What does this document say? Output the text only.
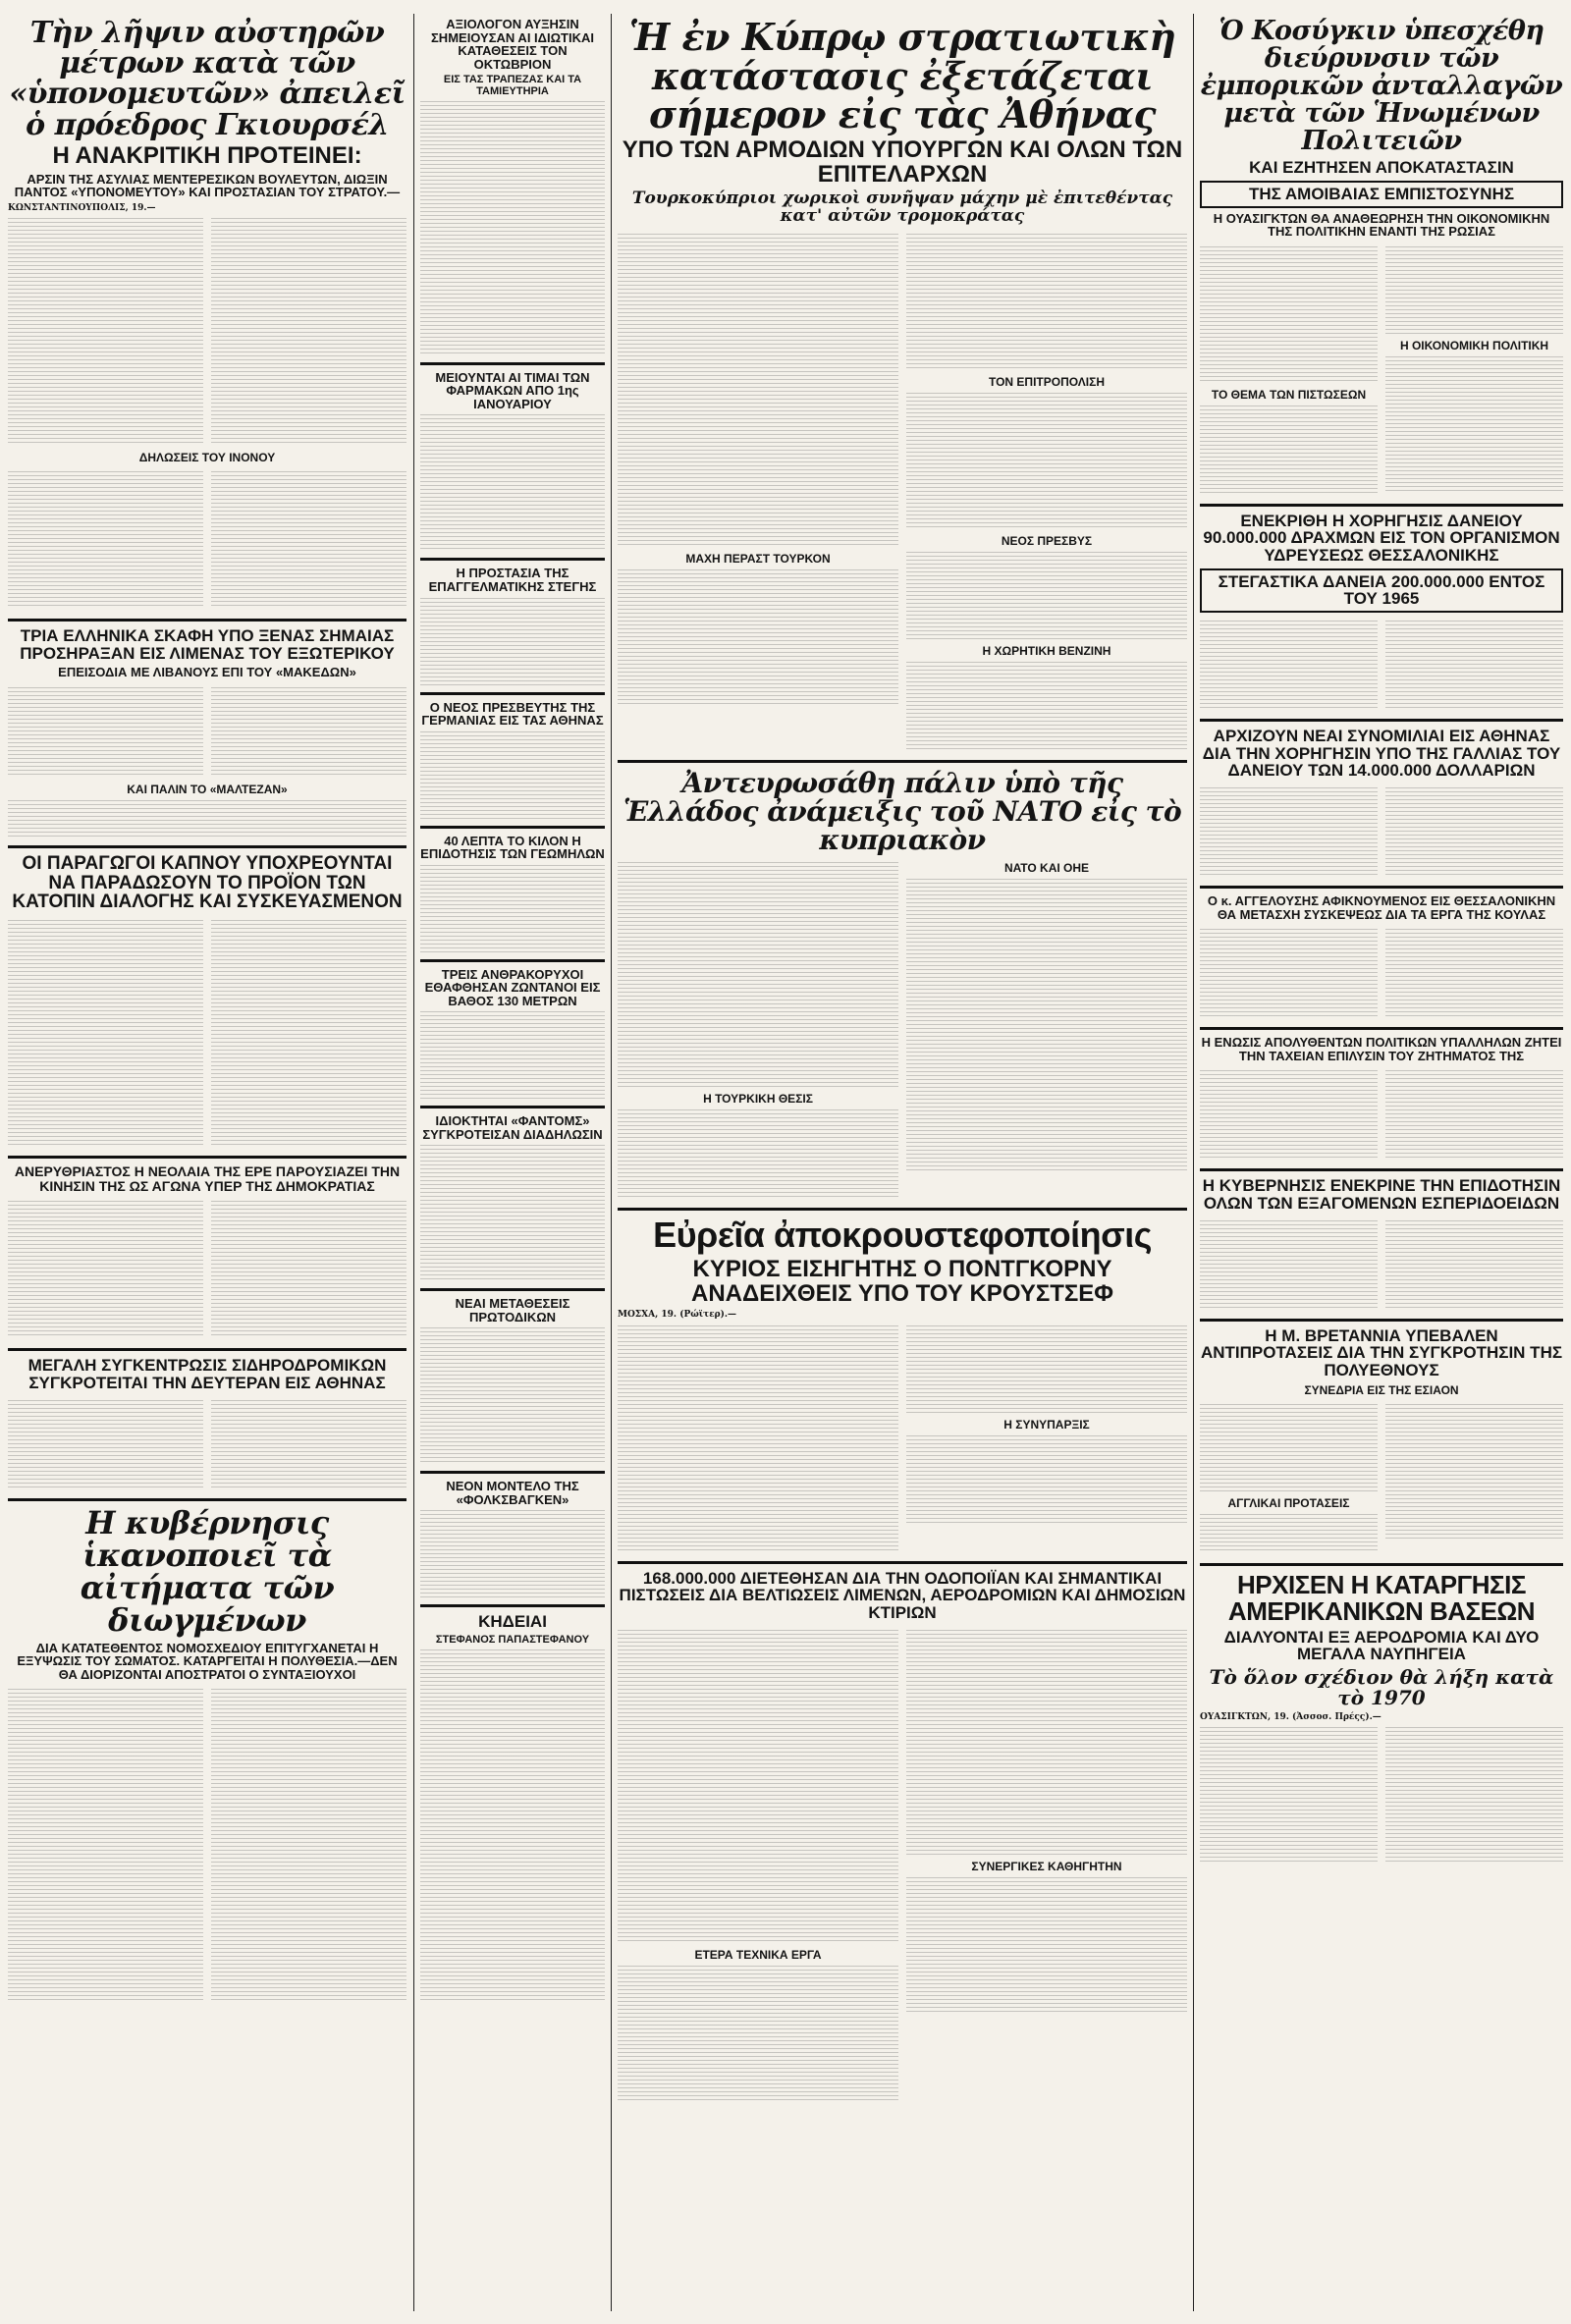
Τὴν λῆψιν αὐστηρῶν μέτρων κατὰ τῶν «ὑπονομευτῶν» ἀπειλεῖ ὁ πρόεδρος Γκιουρσέλ
Η ΑΝΑΚΡΙΤΙΚΗ ΠΡΟΤΕΙΝΕΙ:
ΑΡΣΙΝ ΤΗΣ ΑΣΥΛΙΑΣ ΜΕΝΤΕΡΕΣΙΚΩΝ ΒΟΥΛΕΥΤΩΝ, ΔΙΩΞΙΝ ΠΑΝΤΟΣ «ΥΠΟΝΟΜΕΥΤΟΥ» ΚΑΙ ΠΡΟΣΤΑΣΙΑΝ ΤΟΥ ΣΤΡΑΤΟΥ.—

ΚΩΝΣΤΑΝΤΙΝΟΥΠΟΛΙΣ, 19.—

ΔΗΛΩΣΕΙΣ ΤΟΥ ΙΝΟΝΟΥ
ΤΡΙΑ ΕΛΛΗΝΙΚΑ ΣΚΑΦΗ ΥΠΟ ΞΕΝΑΣ ΣΗΜΑΙΑΣ ΠΡΟΣΗΡΑΞΑΝ ΕΙΣ ΛΙΜΕΝΑΣ ΤΟΥ ΕΞΩΤΕΡΙΚΟΥ
ΕΠΕΙΣΟΔΙΑ ΜΕ ΛΙΒΑΝΟΥΣ ΕΠΙ ΤΟΥ «ΜΑΚΕΔΩΝ»
ΚΑΙ ΠΑΛΙΝ ΤΟ «ΜΑΛΤΕΖΑΝ»
ΟΙ ΠΑΡΑΓΩΓΟΙ ΚΑΠΝΟΥ ΥΠΟΧΡΕΟΥΝΤΑΙ ΝΑ ΠΑΡΑΔΩΣΟΥΝ ΤΟ ΠΡΟΪΟΝ ΤΩΝ ΚΑΤΟΠΙΝ ΔΙΑΛΟΓΗΣ ΚΑΙ ΣΥΣΚΕΥΑΣΜΕΝΟΝ
ΑΝΕΡΥΘΡΙΑΣΤΟΣ Η ΝΕΟΛΑΙΑ ΤΗΣ ΕΡΕ ΠΑΡΟΥΣΙΑΖΕΙ ΤΗΝ ΚΙΝΗΣΙΝ ΤΗΣ ΩΣ ΑΓΩΝΑ ΥΠΕΡ ΤΗΣ ΔΗΜΟΚΡΑΤΙΑΣ
ΜΕΓΑΛΗ ΣΥΓΚΕΝΤΡΩΣΙΣ ΣΙΔΗΡΟΔΡΟΜΙΚΩΝ ΣΥΓΚΡΟΤΕΙΤΑΙ ΤΗΝ ΔΕΥΤΕΡΑΝ ΕΙΣ ΑΘΗΝΑΣ
Η κυβέρνησις ἱκανοποιεῖ τὰ αἰτήματα τῶν διωγμένων
ΔΙΑ ΚΑΤΑΤΕΘΕΝΤΟΣ ΝΟΜΟΣΧΕΔΙΟΥ ΕΠΙΤΥΓΧΑΝΕΤΑΙ Η ΕΞΥΨΩΣΙΣ ΤΟΥ ΣΩΜΑΤΟΣ. ΚΑΤΑΡΓΕΙΤΑΙ Η ΠΟΛΥΘΕΣΙΑ.—ΔΕΝ ΘΑ ΔΙΟΡΙΖΟΝΤΑΙ ΑΠΟΣΤΡΑΤΟΙ Ο ΣΥΝΤΑΞΙΟΥΧΟΙ
ΑΞΙΟΛΟΓΟΝ ΑΥΞΗΣΙΝ ΣΗΜΕΙΟΥΣΑΝ ΑΙ ΙΔΙΩΤΙΚΑΙ ΚΑΤΑΘΕΣΕΙΣ ΤΟΝ ΟΚΤΩΒΡΙΟΝ
ΕΙΣ ΤΑΣ ΤΡΑΠΕΖΑΣ ΚΑΙ ΤΑ ΤΑΜΙΕΥΤΗΡΙΑ
ΜΕΙΟΥΝΤΑΙ ΑΙ ΤΙΜΑΙ ΤΩΝ ΦΑΡΜΑΚΩΝ ΑΠΟ 1ης ΙΑΝΟΥΑΡΙΟΥ
Η ΠΡΟΣΤΑΣΙΑ ΤΗΣ ΕΠΑΓΓΕΛΜΑΤΙΚΗΣ ΣΤΕΓΗΣ
Ο ΝΕΟΣ ΠΡΕΣΒΕΥΤΗΣ ΤΗΣ ΓΕΡΜΑΝΙΑΣ ΕΙΣ ΤΑΣ ΑΘΗΝΑΣ
40 ΛΕΠΤΑ ΤΟ ΚΙΛΟΝ Η ΕΠΙΔΟΤΗΣΙΣ ΤΩΝ ΓΕΩΜΗΛΩΝ
ΤΡΕΙΣ ΑΝΘΡΑΚΟΡΥΧΟΙ ΕΘΑΦΘΗΣΑΝ ΖΩΝΤΑΝΟΙ ΕΙΣ ΒΑΘΟΣ 130 ΜΕΤΡΩΝ
ΙΔΙΟΚΤΗΤΑΙ «ΦΑΝΤΟΜΣ» ΣΥΓΚΡΟΤΕΙΣΑΝ ΔΙΑΔΗΛΩΣΙΝ
ΝΕΑΙ ΜΕΤΑΘΕΣΕΙΣ ΠΡΩΤΟΔΙΚΩΝ
ΝΕΟΝ ΜΟΝΤΕΛΟ ΤΗΣ «ΦΟΛΚΣΒΑΓΚΕΝ»
ΚΗΔΕΙΑΙ
ΣΤΕΦΑΝΟΣ ΠΑΠΑΣΤΕΦΑΝΟΥ
Ἡ ἐν Κύπρῳ στρατιωτικὴ κατάστασις ἐξετάζεται σήμερον εἰς τὰς Ἀθήνας
ΥΠΟ ΤΩΝ ΑΡΜΟΔΙΩΝ ΥΠΟΥΡΓΩΝ ΚΑΙ ΟΛΩΝ ΤΩΝ ΕΠΙΤΕΛΑΡΧΩΝ
Τουρκοκύπριοι χωρικοὶ συνῆψαν μάχην μὲ ἐπιτεθέντας κατ' αὐτῶν τρομοκράτας
ΜΑΧΗ ΠΕΡΑΣΤ ΤΟΥΡΚΟΝ
ΤΟΝ ΕΠΙΤΡΟΠΟΛΙΣΗ
ΝΕΟΣ ΠΡΕΣΒΥΣ
Η ΧΩΡΗΤΙΚΗ ΒΕΝΖΙΝΗ
Ἀντευρωσάθη πάλιν ὑπὸ τῆς Ἑλλάδος ἀνάμειξις τοῦ ΝΑΤΟ εἰς τὸ κυπριακὸν
Η ΤΟΥΡΚΙΚΗ ΘΕΣΙΣ
ΝΑΤΟ ΚΑΙ ΟΗΕ
Εὐρεῖα ἀποκρουστεφοποίησις
ΚΥΡΙΟΣ ΕΙΣΗΓΗΤΗΣ Ο ΠΟΝΤΓΚΟΡΝΥ ΑΝΑΔΕΙΧΘΕΙΣ ΥΠΟ ΤΟΥ ΚΡΟΥΣΤΣΕΦ

ΜΟΣΧΑ, 19. (Ρώϊτερ).—

Η ΣΥΝΥΠΑΡΞΙΣ
168.000.000 ΔΙΕΤΕΘΗΣΑΝ ΔΙΑ ΤΗΝ ΟΔΟΠΟΙΪΑΝ ΚΑΙ ΣΗΜΑΝΤΙΚΑΙ ΠΙΣΤΩΣΕΙΣ ΔΙΑ ΒΕΛΤΙΩΣΕΙΣ ΛΙΜΕΝΩΝ, ΑΕΡΟΔΡΟΜΙΩΝ ΚΑΙ ΔΗΜΟΣΙΩΝ ΚΤΙΡΙΩΝ
ΕΤΕΡΑ ΤΕΧΝΙΚΑ ΕΡΓΑ
ΣΥΝΕΡΓΙΚΕΣ ΚΑΘΗΓΗΤΗΝ
Ὁ Κοσύγκιν ὑπεσχέθη διεύρυνσιν τῶν ἐμπορικῶν ἀνταλλαγῶν μετὰ τῶν Ἡνωμένων Πολιτειῶν
ΚΑΙ ΕΖΗΤΗΣΕΝ ΑΠΟΚΑΤΑΣΤΑΣΙΝ
ΤΗΣ ΑΜΟΙΒΑΙΑΣ ΕΜΠΙΣΤΟΣΥΝΗΣ
Η ΟΥΑΣΙΓΚΤΩΝ ΘΑ ΑΝΑΘΕΩΡΗΣΗ ΤΗΝ ΟΙΚΟΝΟΜΙΚΗΝ ΤΗΣ ΠΟΛΙΤΙΚΗΝ ΕΝΑΝΤΙ ΤΗΣ ΡΩΣΙΑΣ
ΤΟ ΘΕΜΑ ΤΩΝ ΠΙΣΤΩΣΕΩΝ
Η ΟΙΚΟΝΟΜΙΚΗ ΠΟΛΙΤΙΚΗ
ΕΝΕΚΡΙΘΗ Η ΧΟΡΗΓΗΣΙΣ ΔΑΝΕΙΟΥ 90.000.000 ΔΡΑΧΜΩΝ ΕΙΣ ΤΟΝ ΟΡΓΑΝΙΣΜΟΝ ΥΔΡΕΥΣΕΩΣ ΘΕΣΣΑΛΟΝΙΚΗΣ
ΣΤΕΓΑΣΤΙΚΑ ΔΑΝΕΙΑ 200.000.000 ΕΝΤΟΣ ΤΟΥ 1965
ΑΡΧΙΖΟΥΝ ΝΕΑΙ ΣΥΝΟΜΙΛΙΑΙ ΕΙΣ ΑΘΗΝΑΣ ΔΙΑ ΤΗΝ ΧΟΡΗΓΗΣΙΝ ΥΠΟ ΤΗΣ ΓΑΛΛΙΑΣ ΤΟΥ ΔΑΝΕΙΟΥ ΤΩΝ 14.000.000 ΔΟΛΛΑΡΙΩΝ
Ο κ. ΑΓΓΕΛΟΥΣΗΣ ΑΦΙΚΝΟΥΜΕΝΟΣ ΕΙΣ ΘΕΣΣΑΛΟΝΙΚΗΝ ΘΑ ΜΕΤΑΣΧΗ ΣΥΣΚΕΨΕΩΣ ΔΙΑ ΤΑ ΕΡΓΑ ΤΗΣ ΚΟΥΛΑΣ
Η ΕΝΩΣΙΣ ΑΠΟΛΥΘΕΝΤΩΝ ΠΟΛΙΤΙΚΩΝ ΥΠΑΛΛΗΛΩΝ ΖΗΤΕΙ ΤΗΝ ΤΑΧΕΙΑΝ ΕΠΙΛΥΣΙΝ ΤΟΥ ΖΗΤΗΜΑΤΟΣ ΤΗΣ
Η ΚΥΒΕΡΝΗΣΙΣ ΕΝΕΚΡΙΝΕ ΤΗΝ ΕΠΙΔΟΤΗΣΙΝ ΟΛΩΝ ΤΩΝ ΕΞΑΓΟΜΕΝΩΝ ΕΣΠΕΡΙΔΟΕΙΔΩΝ
Η Μ. ΒΡΕΤΑΝΝΙΑ ΥΠΕΒΑΛΕΝ ΑΝΤΙΠΡΟΤΑΣΕΙΣ ΔΙΑ ΤΗΝ ΣΥΓΚΡΟΤΗΣΙΝ ΤΗΣ ΠΟΛΥΕΘΝΟΥΣ
ΣΥΝΕΔΡΙΑ ΕΙΣ ΤΗΣ ΕΣΙΑΟΝ
ΑΓΓΛΙΚΑΙ ΠΡΟΤΑΣΕΙΣ
ΗΡΧΙΣΕΝ Η ΚΑΤΑΡΓΗΣΙΣ ΑΜΕΡΙΚΑΝΙΚΩΝ ΒΑΣΕΩΝ
ΔΙΑΛΥΟΝΤΑΙ ΕΞ ΑΕΡΟΔΡΟΜΙΑ ΚΑΙ ΔΥΟ ΜΕΓΑΛΑ ΝΑΥΠΗΓΕΙΑ
Τὸ ὅλον σχέδιον θὰ λήξη κατὰ τὸ 1970

ΟΥΑΣΙΓΚΤΩΝ, 19. (Ἀσσοσ. Πρέςς).—
